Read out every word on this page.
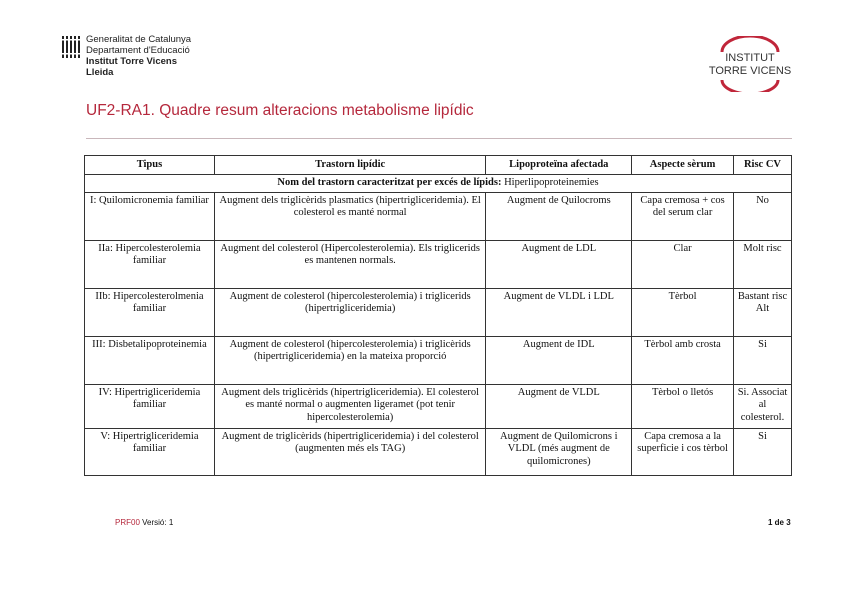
Generalitat de Catalunya
Departament d'Educació
Institut Torre Vicens
Lleida
INSTITUT
TORRE VICENS
UF2-RA1. Quadre resum alteracions metabolisme lipídic
Tipus	Trastorn lipídic	Lipoproteïna afectada	Aspecte sèrum	Risc CV
Nom del trastorn caracteritzat per excés de lípids: Hiperlipoproteinemies				
I: Quilomicronemia familiar	Augment dels triglicèrids plasmatics (hipertrigliceridemia). El colesterol es manté normal	Augment de Quilocroms	Capa cremosa + cos del serum clar	No
IIa: Hipercolesterolemia familiar	Augment del colesterol (Hipercolesterolemia). Els triglicerids es mantenen normals.	Augment de LDL	Clar	Molt risc
IIb: Hipercolesterolmenia familiar	Augment de colesterol (hipercolesterolemia) i triglicerids (hipertrigliceridemia)	Augment de VLDL i LDL	Tèrbol	Bastant risc Alt
III: Disbetalipoproteinemia	Augment de colesterol (hipercolesterolemia) i triglicèrids (hipertrigliceridemia) en la mateixa proporció	Augment de IDL	Tèrbol amb crosta	Si
IV: Hipertrigliceridemia familiar	Augment dels triglicèrids (hipertrigliceridemia). El colesterol es manté normal o augmenten ligeramet (pot tenir hipercolesterolemia)	Augment de VLDL	Tèrbol o lletós	Si. Associat al colesterol.
V: Hipertrigliceridemia familiar	Augment de triglicèrids (hipertrigliceridemia) i del colesterol (augmenten més els TAG)	Augment de Quilomicrons i VLDL (més augment de quilomicrones)	Capa cremosa a la superficie i cos tèrbol	Si
PRF00 Versió: 1	1 de 3
